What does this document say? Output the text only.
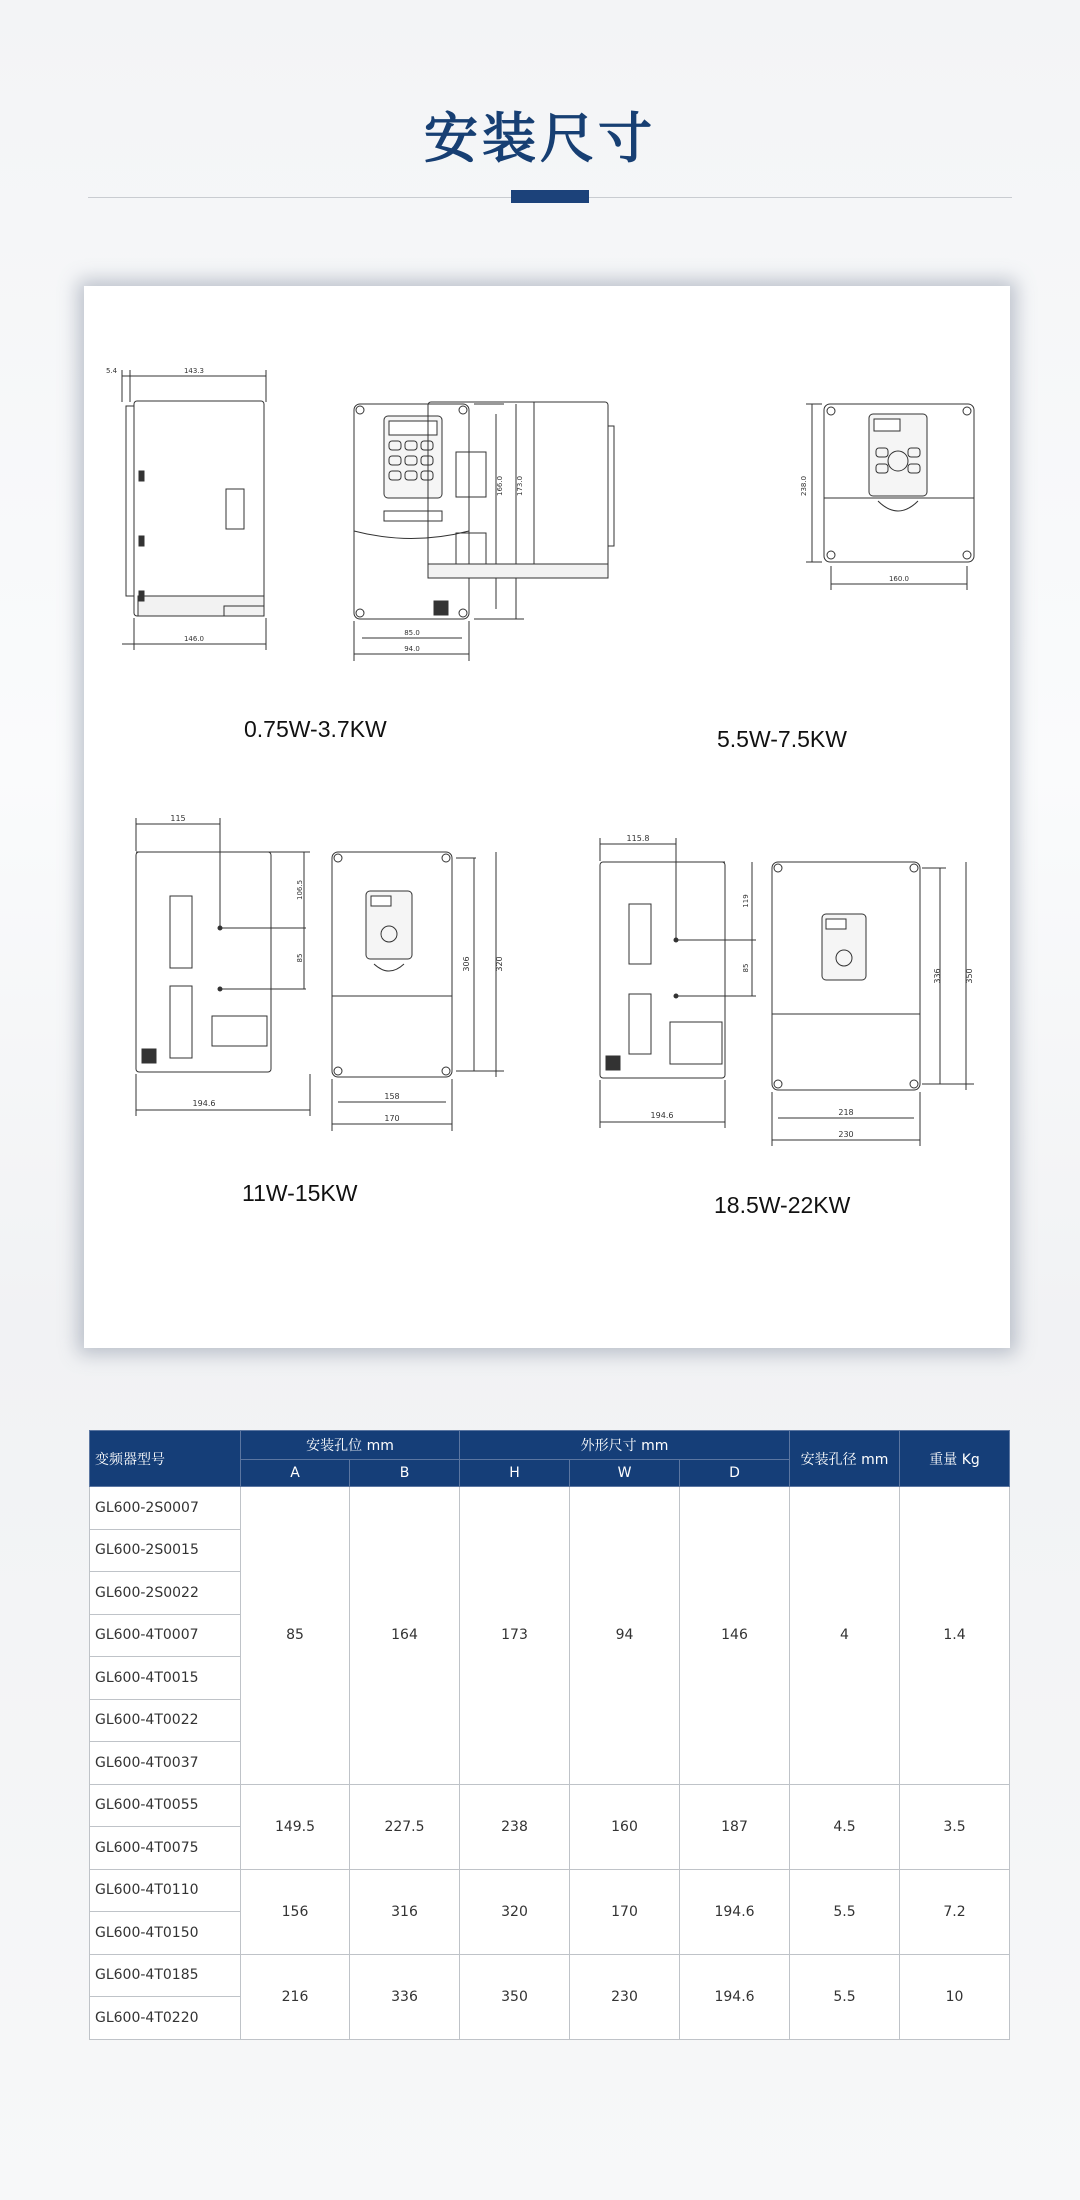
安装尺寸
5.4	143.3
146.0
166.0 173.0
85.0
94.0
238.0
160.0
106.5
85
115
194.6
306	320
158
170
119
85
115.8
194.6
336	350
218
230
0.75W-3.7KW	5.5W-7.5KW
11W-15KW	18.5W-22KW
变频器型号	安装孔位 mm		外形尺寸 mm			安装孔径 mm	重量 Kg
	A	B	H	W	D		
GL600-2S0007	85	164	173	94	146	4	1.4
GL600-2S0015							
GL600-2S0022							
GL600-4T0007							
GL600-4T0015							
GL600-4T0022							
GL600-4T0037							
GL600-4T0055	149.5	227.5	238	160	187	4.5	3.5
GL600-4T0075							
GL600-4T0110	156	316	320	170	194.6	5.5	7.2
GL600-4T0150							
GL600-4T0185	216	336	350	230	194.6	5.5	10
GL600-4T0220							
